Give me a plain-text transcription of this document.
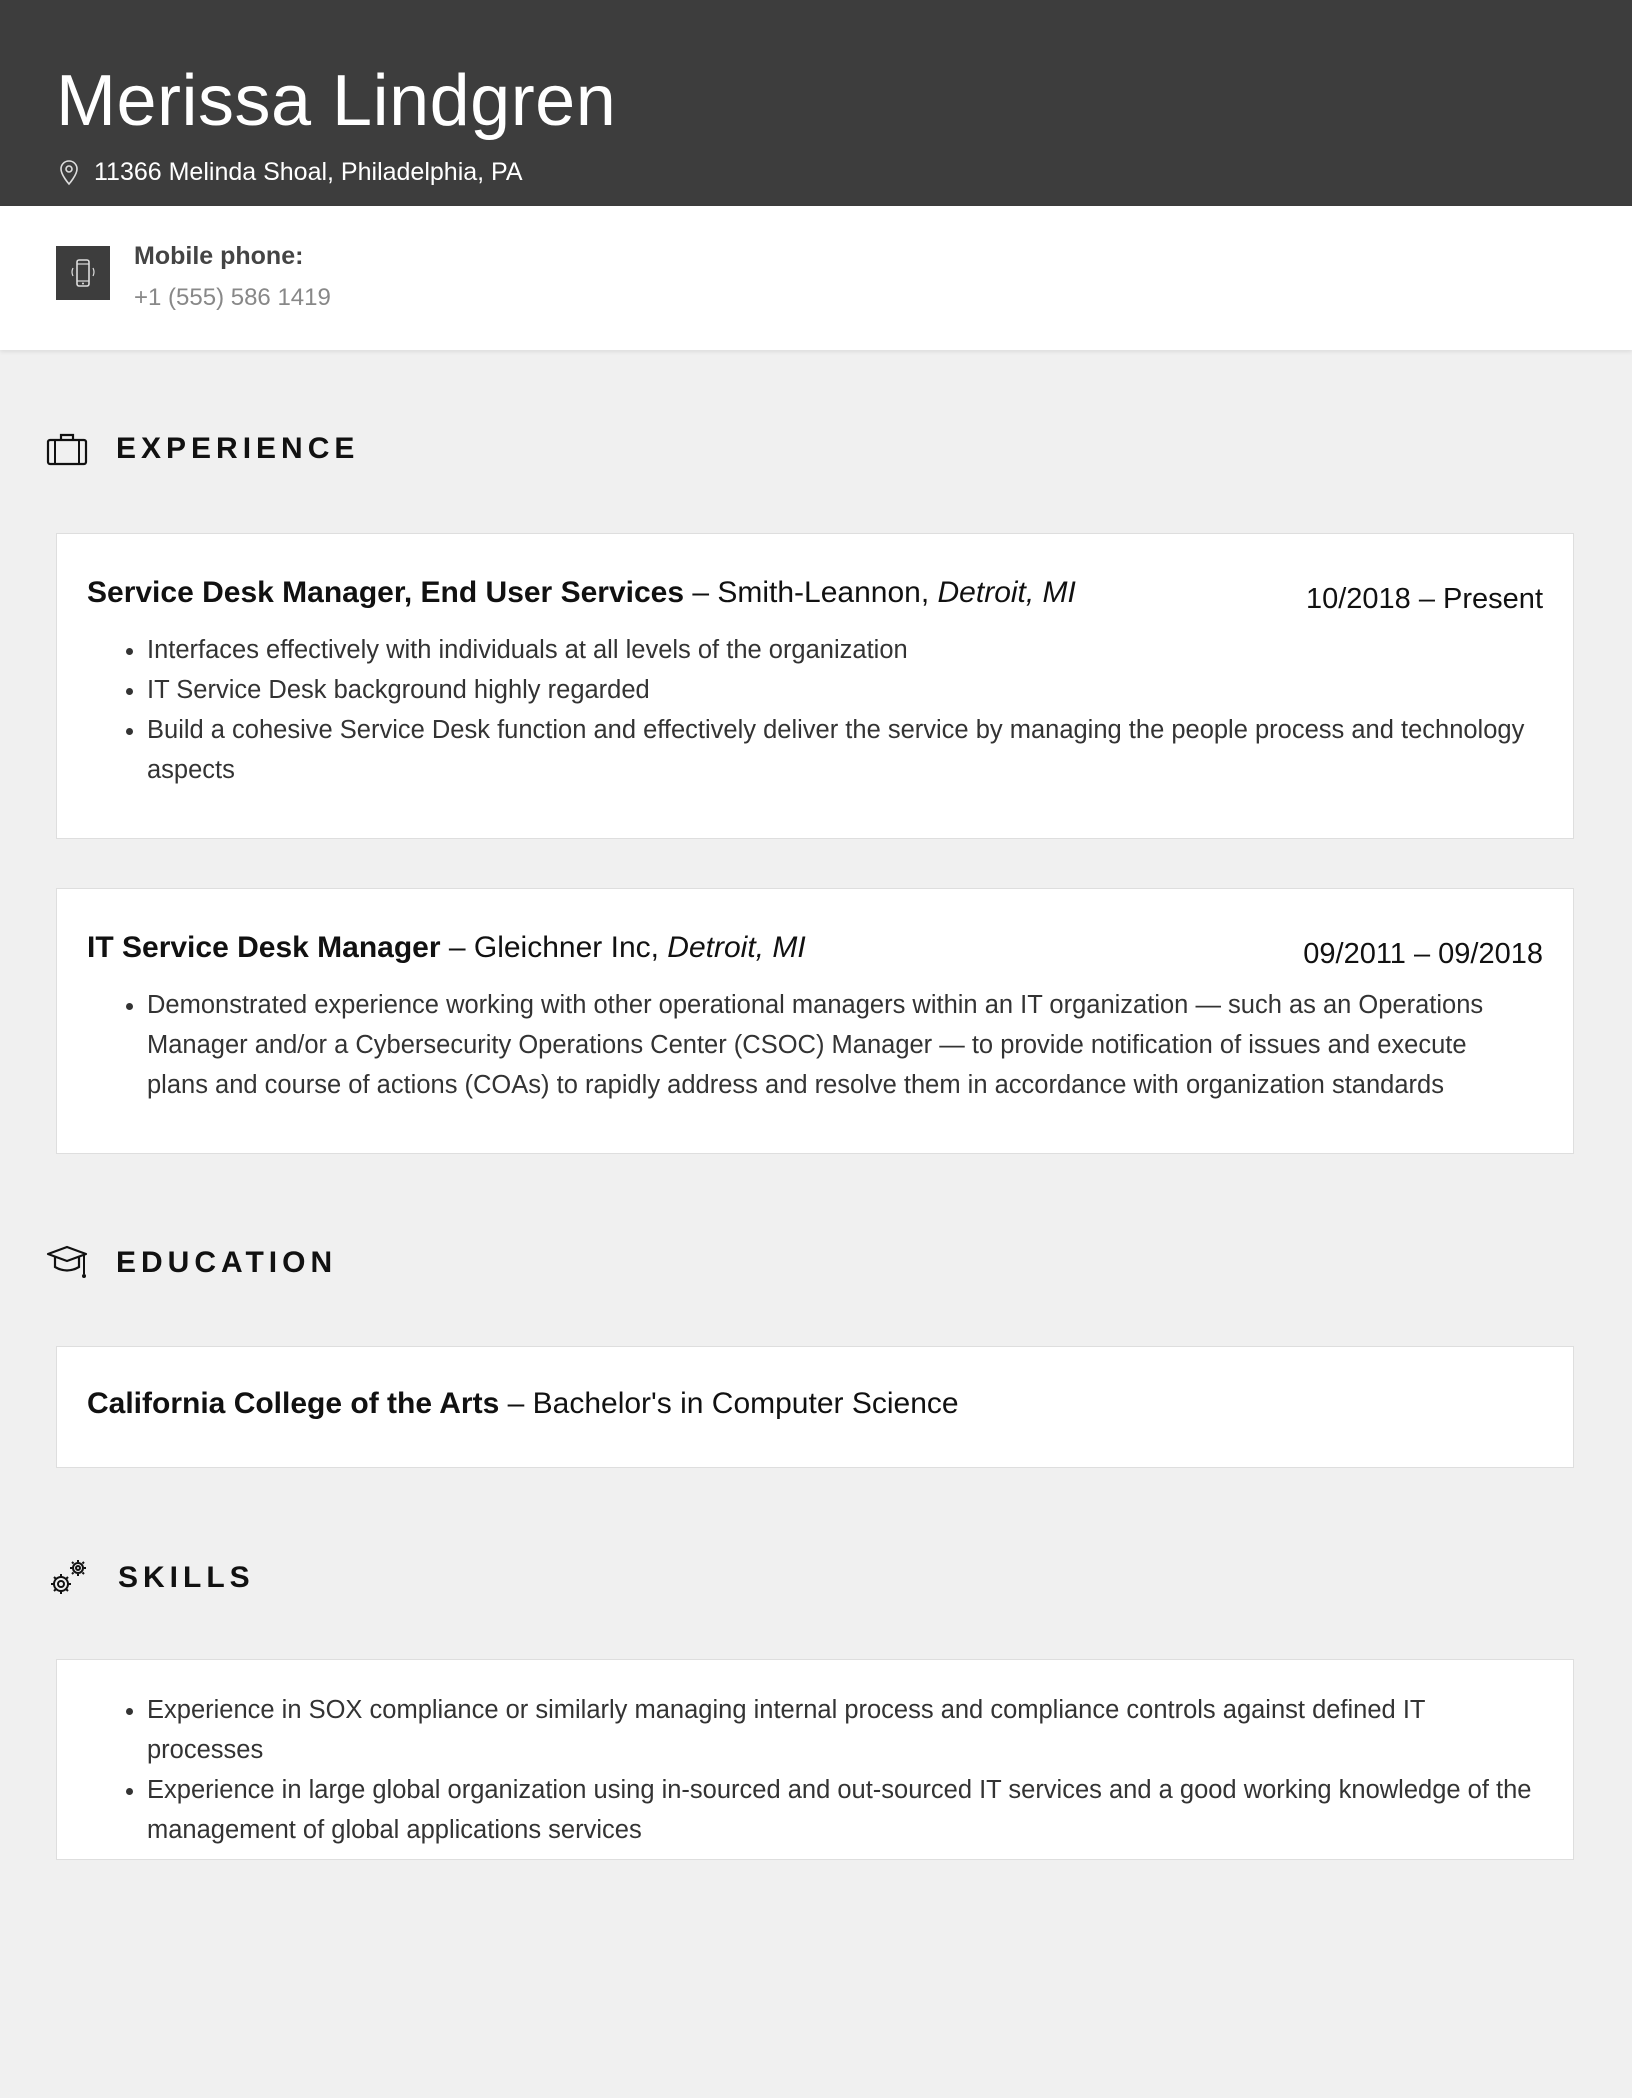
Merissa Lindgren
11366 Melinda Shoal, Philadelphia, PA
Mobile phone:
+1 (555) 586 1419
EXPERIENCE
Service Desk Manager, End User Services – Smith-Leannon, Detroit, MI	10/2018 – Present
• Interfaces effectively with individuals at all levels of the organization
• IT Service Desk background highly regarded
• Build a cohesive Service Desk function and effectively deliver the service by managing the people process and technology aspects
IT Service Desk Manager – Gleichner Inc, Detroit, MI	09/2011 – 09/2018
• Demonstrated experience working with other operational managers within an IT organization — such as an Operations Manager and/or a Cybersecurity Operations Center (CSOC) Manager — to provide notification of issues and execute plans and course of actions (COAs) to rapidly address and resolve them in accordance with organization standards
EDUCATION
California College of the Arts – Bachelor's in Computer Science
SKILLS
• Experience in SOX compliance or similarly managing internal process and compliance controls against defined IT processes
• Experience in large global organization using in-sourced and out-sourced IT services and a good working knowledge of the management of global applications services
